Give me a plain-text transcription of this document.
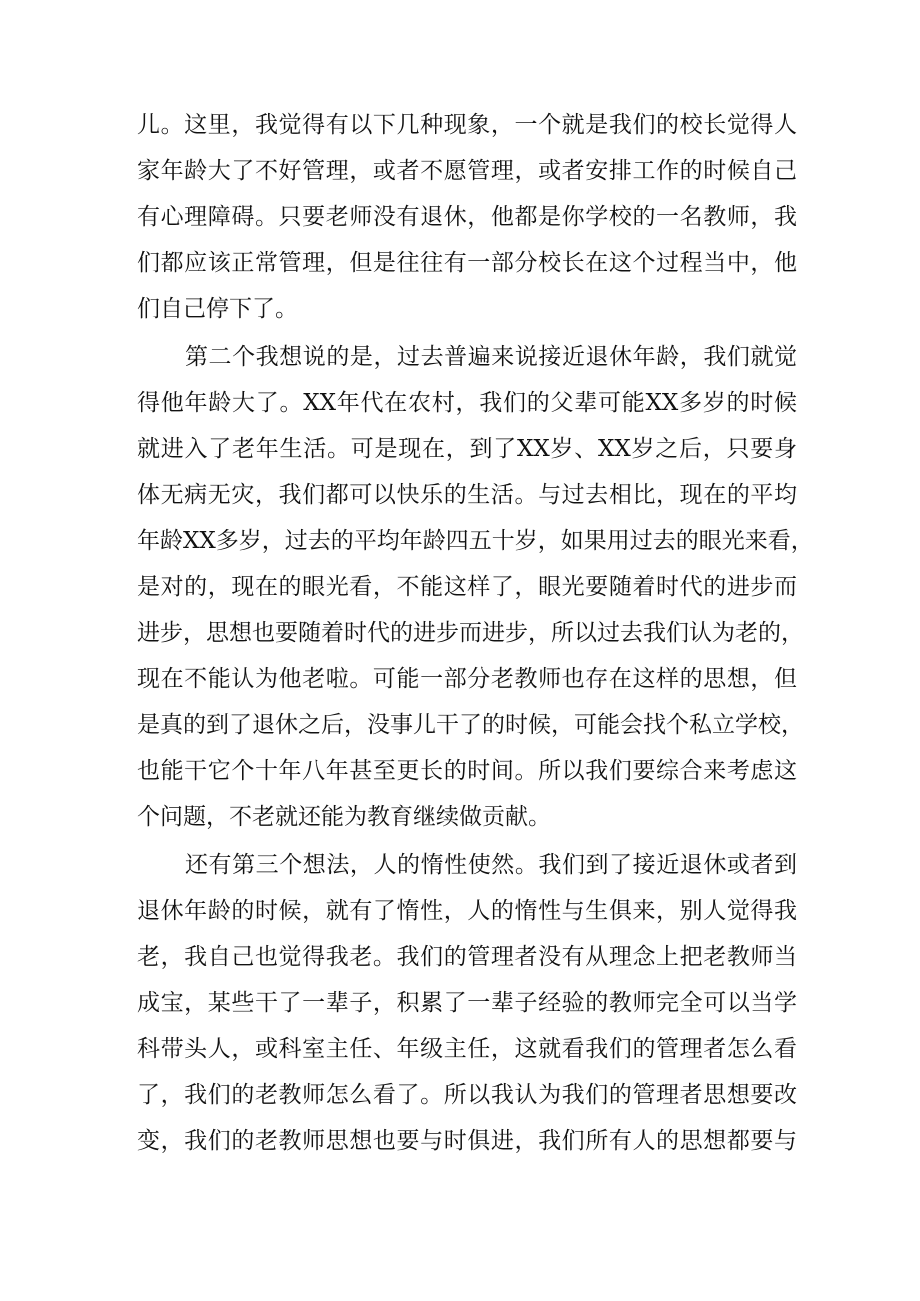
儿。这里，我觉得有以下几种现象，一个就是我们的校长觉得人
家年龄大了不好管理，或者不愿管理，或者安排工作的时候自己
有心理障碍。只要老师没有退休，他都是你学校的一名教师，我
们都应该正常管理，但是往往有一部分校长在这个过程当中，他
们自己停下了。
第二个我想说的是，过去普遍来说接近退休年龄，我们就觉
得他年龄大了。XX年代在农村，我们的父辈可能XX多岁的时候
就进入了老年生活。可是现在，到了XX岁、XX岁之后，只要身
体无病无灾，我们都可以快乐的生活。与过去相比，现在的平均
年龄XX多岁，过去的平均年龄四五十岁，如果用过去的眼光来看，
是对的，现在的眼光看，不能这样了，眼光要随着时代的进步而
进步，思想也要随着时代的进步而进步，所以过去我们认为老的，
现在不能认为他老啦。可能一部分老教师也存在这样的思想，但
是真的到了退休之后，没事儿干了的时候，可能会找个私立学校，
也能干它个十年八年甚至更长的时间。所以我们要综合来考虑这
个问题，不老就还能为教育继续做贡献。
还有第三个想法，人的惰性使然。我们到了接近退休或者到
退休年龄的时候，就有了惰性，人的惰性与生俱来，别人觉得我
老，我自己也觉得我老。我们的管理者没有从理念上把老教师当
成宝，某些干了一辈子，积累了一辈子经验的教师完全可以当学
科带头人，或科室主任、年级主任，这就看我们的管理者怎么看
了，我们的老教师怎么看了。所以我认为我们的管理者思想要改
变，我们的老教师思想也要与时俱进，我们所有人的思想都要与
